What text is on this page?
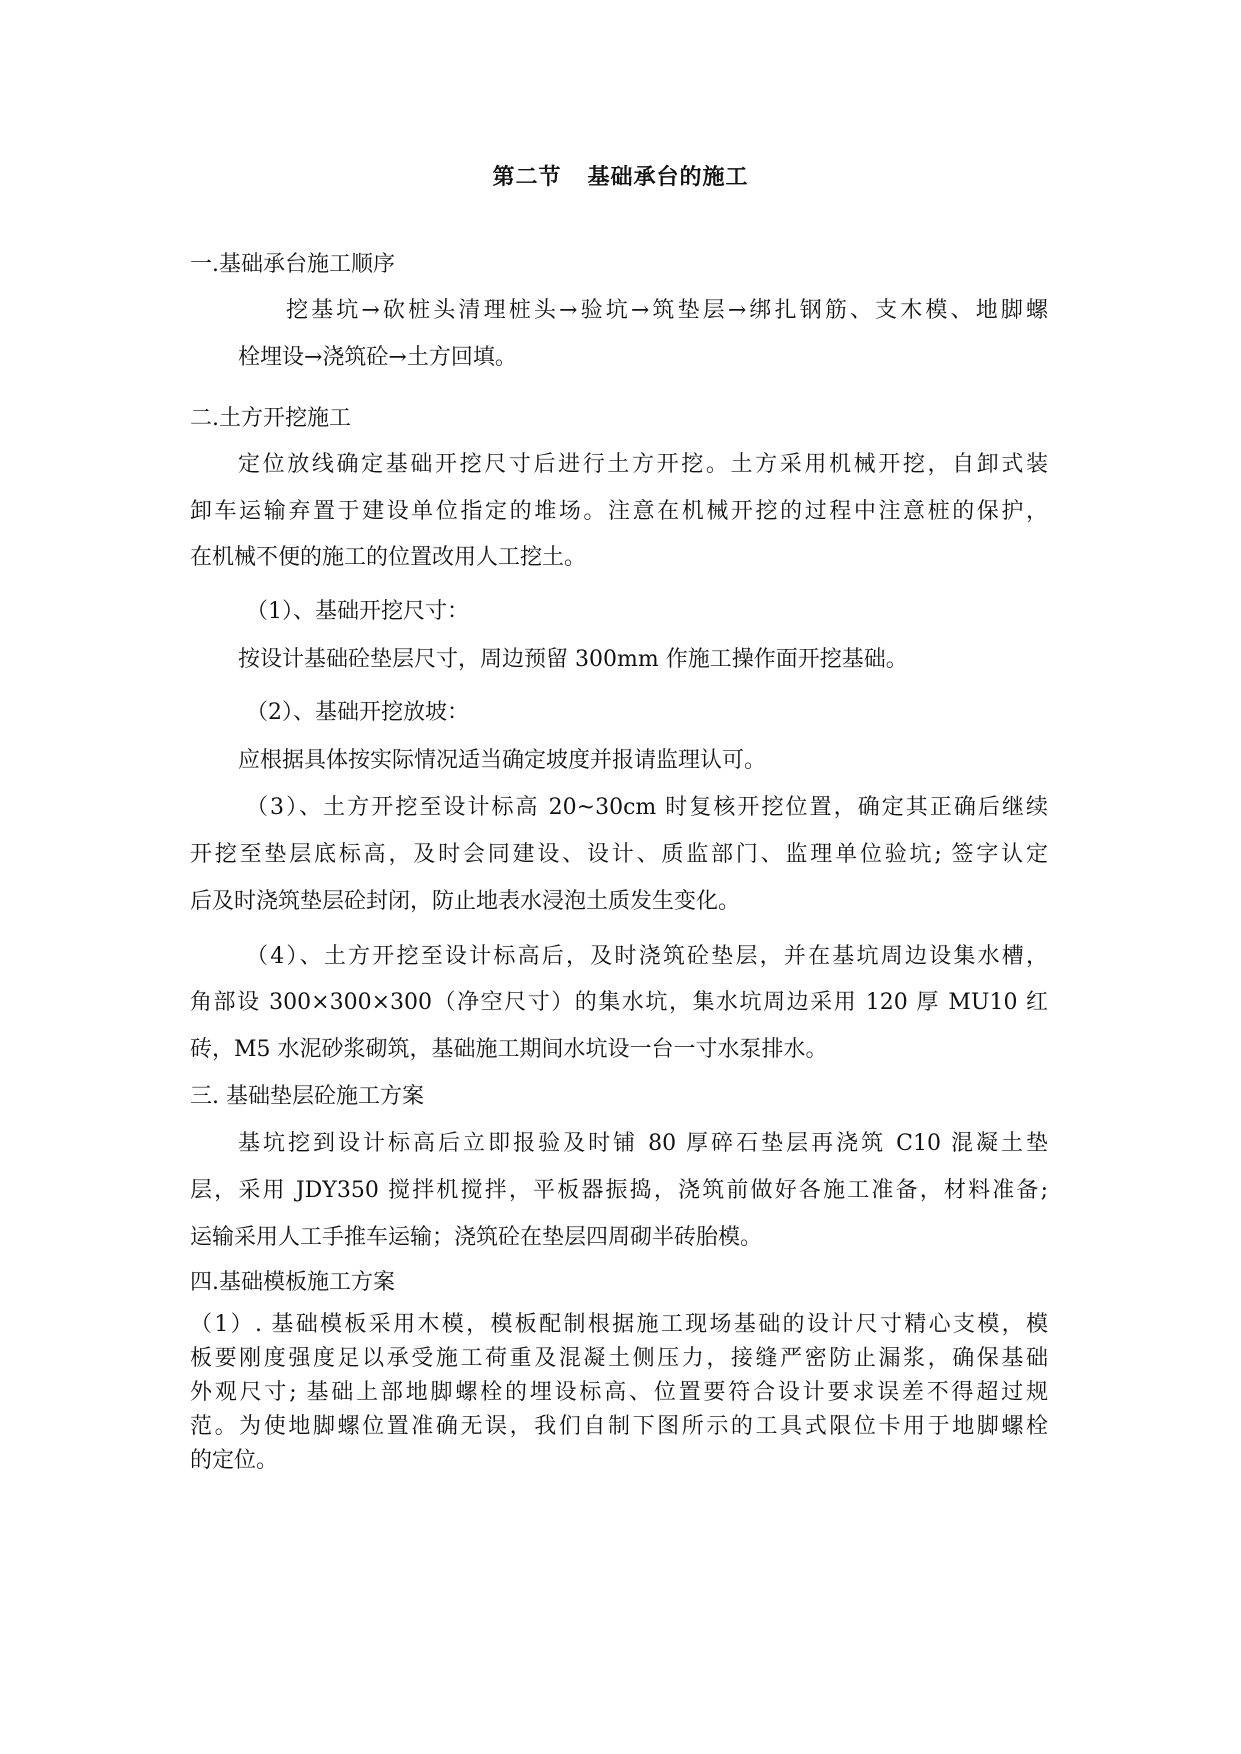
第二节   基础承台的施工
一.基础承台施工顺序
挖基坑→砍桩头清理桩头→验坑→筑垫层→绑扎钢筋、支木模、地脚螺
栓埋设→浇筑砼→土方回填。
二.土方开挖施工
定位放线确定基础开挖尺寸后进行土方开挖。土方采用机械开挖，自卸式装
卸车运输弃置于建设单位指定的堆场。注意在机械开挖的过程中注意桩的保护，
在机械不便的施工的位置改用人工挖土。
（1）、基础开挖尺寸：
按设计基础砼垫层尺寸，周边预留 300mm 作施工操作面开挖基础。
（2）、基础开挖放坡：
应根据具体按实际情况适当确定坡度并报请监理认可。
（3）、土方开挖至设计标高 20~30cm 时复核开挖位置，确定其正确后继续
开挖至垫层底标高，及时会同建设、设计、质监部门、监理单位验坑; 签字认定
后及时浇筑垫层砼封闭，防止地表水浸泡土质发生变化。
（4）、土方开挖至设计标高后，及时浇筑砼垫层，并在基坑周边设集水槽，
角部设 300×300×300（净空尺寸）的集水坑，集水坑周边采用 120 厚 MU10 红
砖，M5 水泥砂浆砌筑，基础施工期间水坑设一台一寸水泵排水。
三. 基础垫层砼施工方案
基坑挖到设计标高后立即报验及时铺 80 厚碎石垫层再浇筑 C10 混凝土垫
层，采用 JDY350 搅拌机搅拌，平板器振捣，浇筑前做好各施工准备，材料准备;
运输采用人工手推车运输；浇筑砼在垫层四周砌半砖胎模。
四.基础模板施工方案
（1）. 基础模板采用木模，模板配制根据施工现场基础的设计尺寸精心支模，模
板要刚度强度足以承受施工荷重及混凝土侧压力，接缝严密防止漏浆，确保基础
外观尺寸; 基础上部地脚螺栓的埋设标高、位置要符合设计要求误差不得超过规
范。为使地脚螺位置准确无误，我们自制下图所示的工具式限位卡用于地脚螺栓
的定位。
